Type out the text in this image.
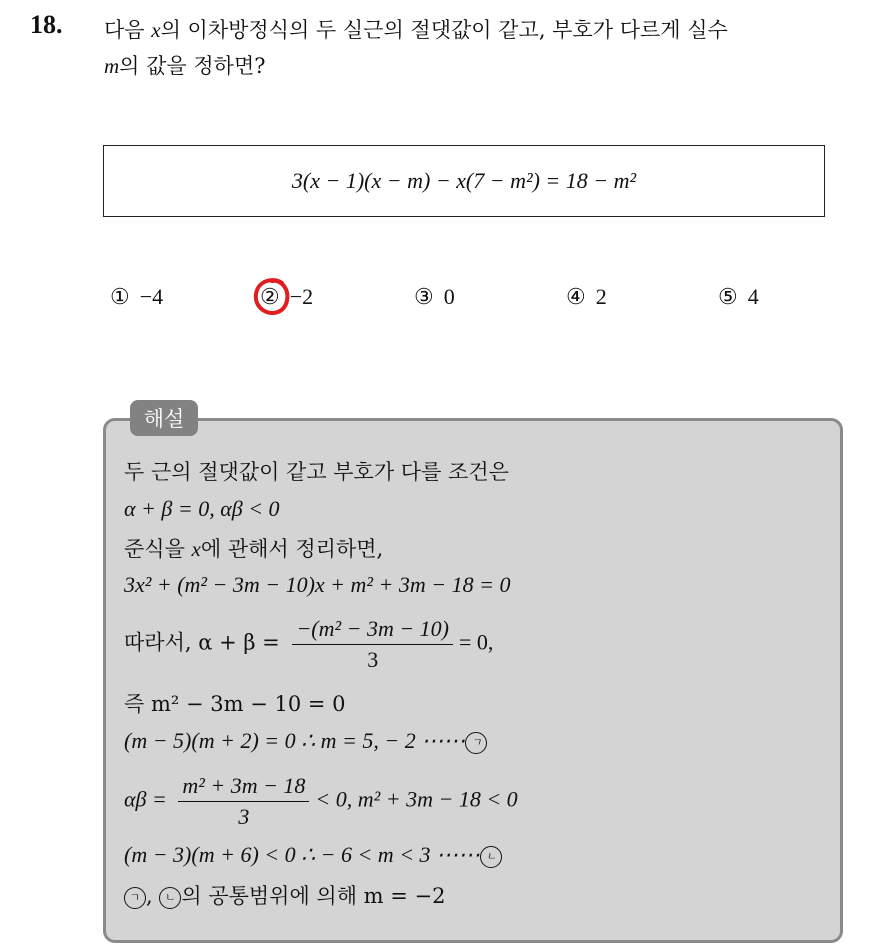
18. 다음 x의 이차방정식의 두 실근의 절댓값이 같고, 부호가 다르게 실수
m의 값을 정하면?
3(x − 1)(x − m) − x(7 − m²) = 18 − m²
① −4	② −2	③ 0	④ 2	⑤ 4
해설
두 근의 절댓값이 같고 부호가 다를 조건은
α + β = 0, αβ < 0
준식을 x에 관해서 정리하면,
3x² + (m² − 3m − 10)x + m² + 3m − 18 = 0
따라서, $\alpha + \beta = \frac{\text{−(m² − 3m − 10)}}{3} = 0$,
즉 m² − 3m − 10 = 0
(m − 5)(m + 2) = 0 ∴ m = 5, − 2 ⋯⋯ ㄱ
$\alpha\beta = \frac{\text{m² + 3m − 18}}{3} < 0$, m² + 3m − 18 < 0
(m − 3)(m + 6) < 0 ∴ − 6 < m < 3 ⋯⋯ ㄴ
ㄱ , ㄴ 의 공통범위에 의해 m = −2
